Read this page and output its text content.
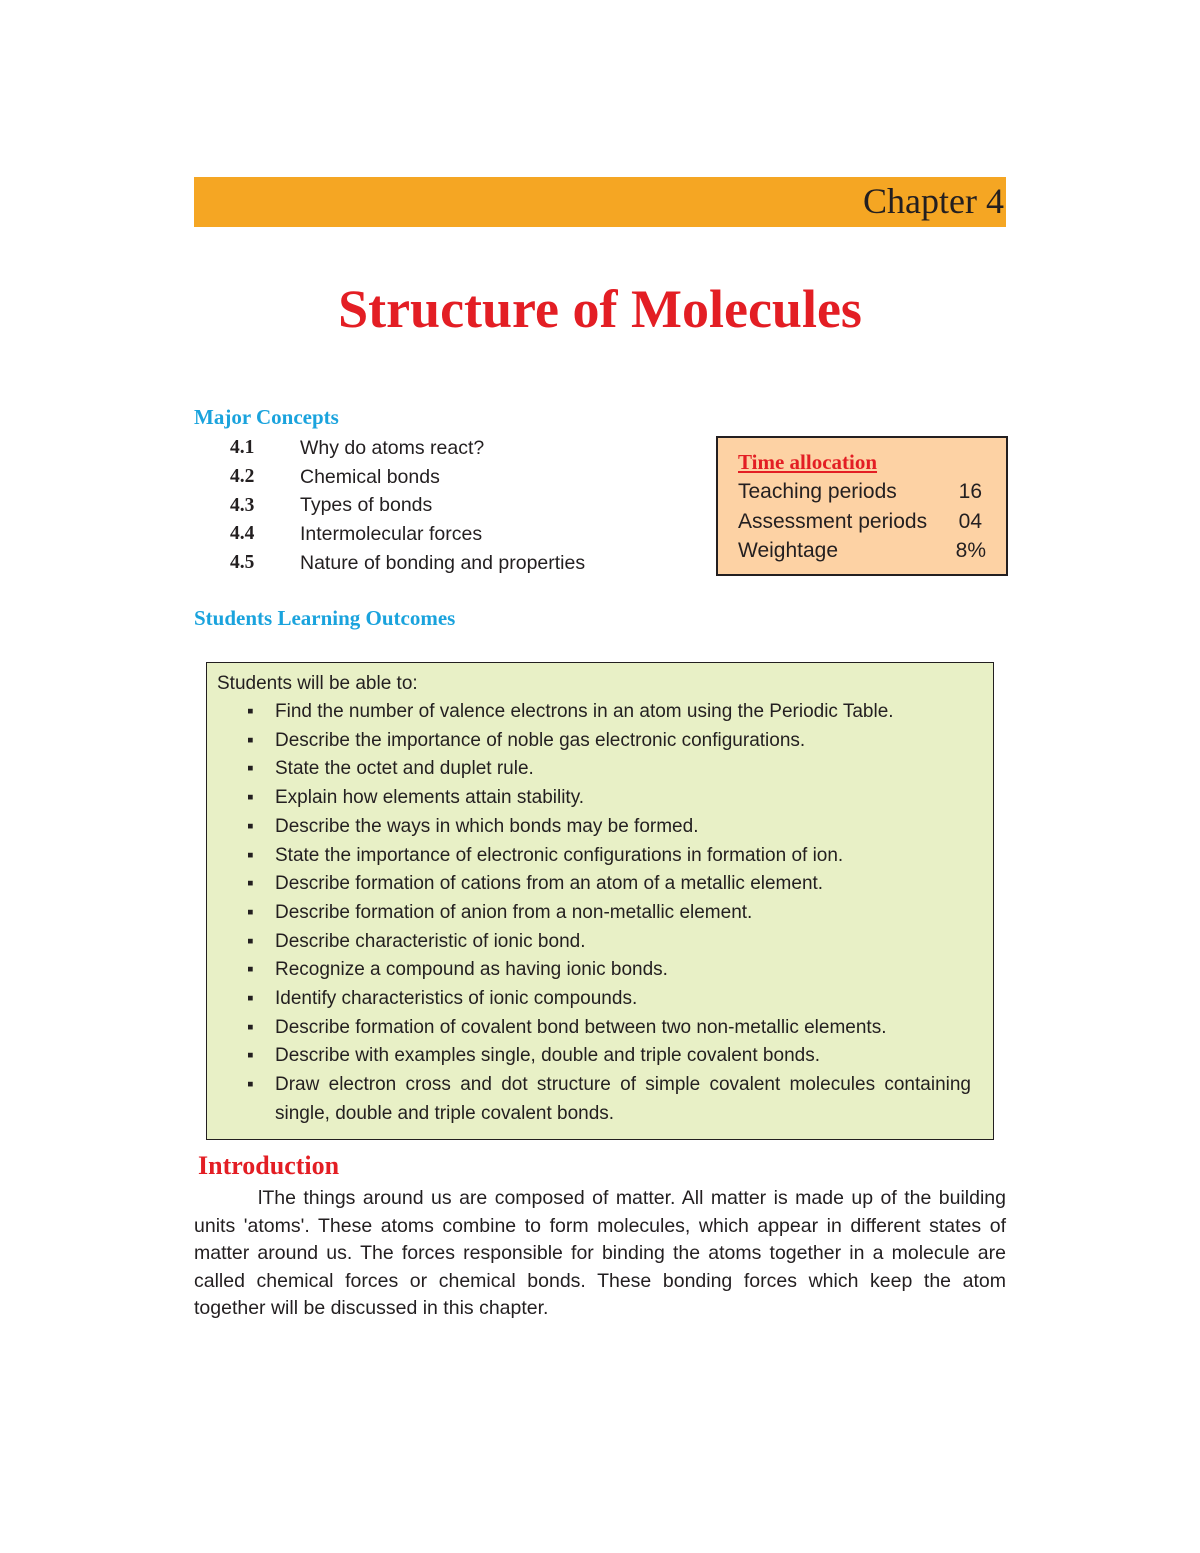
Chapter 4
Structure of Molecules
Major Concepts
4.1	Why do atoms react?
4.2	Chemical bonds
4.3	Types of bonds
4.4	Intermolecular forces
4.5	Nature of bonding and properties
Time allocation
Teaching periods	16
Assessment periods 04
Weightage	8%
Students Learning Outcomes
Students will be able to:
▪ Find the number of valence electrons in an atom using the Periodic Table.
▪ Describe the importance of noble gas electronic configurations.
▪ State the octet and duplet rule.
▪ Explain how elements attain stability.
▪ Describe the ways in which bonds may be formed.
▪ State the importance of electronic configurations in formation of ion.
▪ Describe formation of cations from an atom of a metallic element.
▪ Describe formation of anion from a non-metallic element.
▪ Describe characteristic of ionic bond.
▪ Recognize a compound as having ionic bonds.
▪ Identify characteristics of ionic compounds.
▪ Describe formation of covalent bond between two non-metallic elements.
▪ Describe with examples single, double and triple covalent bonds.
▪ Draw electron cross and dot structure of simple covalent molecules containing single, double and triple covalent bonds.
Introduction

lThe things around us are composed of matter. All matter is made up of the building units 'atoms'. These atoms combine to form molecules, which appear in different states of matter around us. The forces responsible for binding the atoms together in a molecule are called chemical forces or chemical bonds. These bonding forces which keep the atom together will be discussed in this chapter.
